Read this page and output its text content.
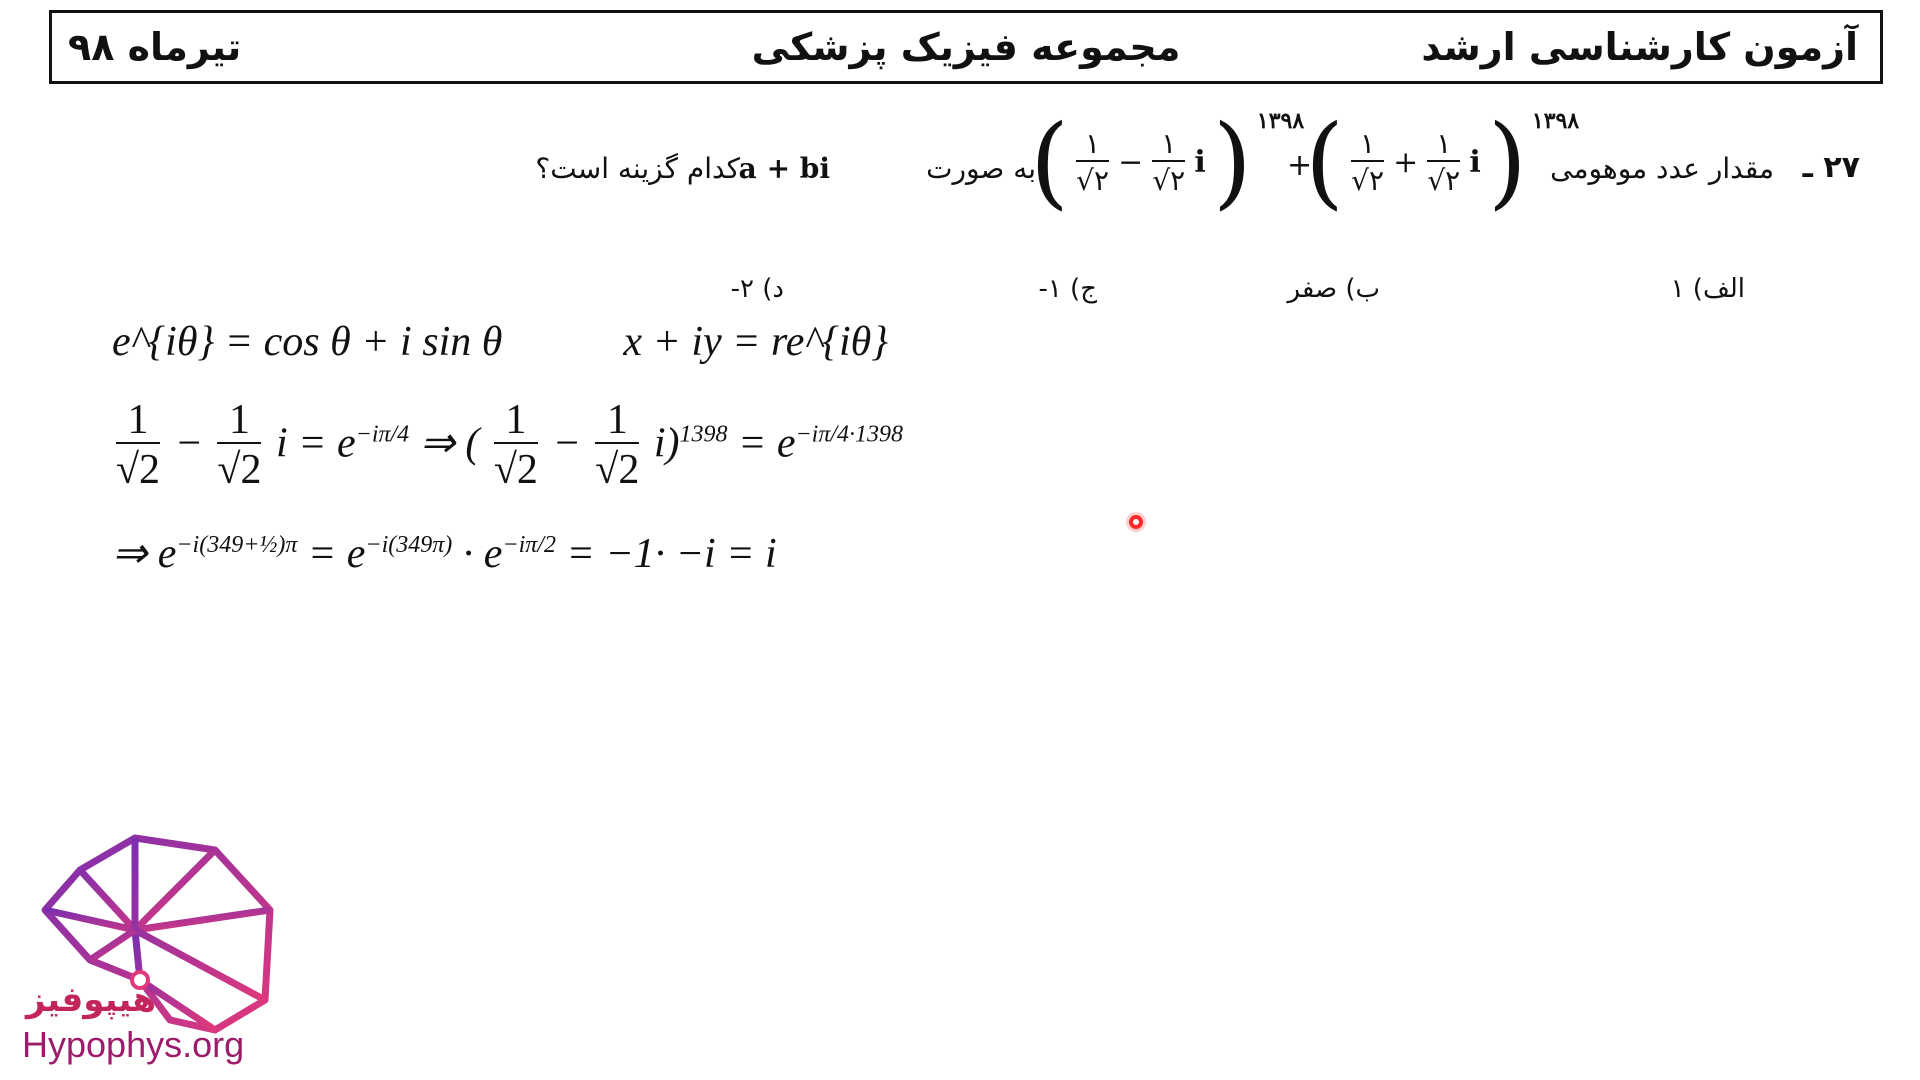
آزمون کارشناسی ارشد
مجموعه فیزیک پزشکی
تیرماه ۹۸
۲۷ ـ
مقدار عدد موهومی
( $\frac{۱}{√۲} + \frac{۱}{√۲}$ i ) ۱۳۹۸
+
( $\frac{۱}{√۲} - \frac{۱}{√۲}$ i ) ۱۳۹۸
به صورت
a + bi
کدام گزینه است؟
الف) ۱
ب) صفر
ج) ۱-
د) ۲-
e^{iθ} = cos θ + i sin θ	x + iy = re^{iθ}
$\frac{1}{√2} - \frac{1}{√2}$ $i = e^{-i\pi/4}$ ⇒ ( $\frac{1}{√2} - \frac{1}{√2} i)^{1398} = e^{-i\pi/4\cdot 1398}$
⇒ $e^{-i(349+\frac{1}{2})\pi} = e^{-i(349\pi)} \cdot e^{-i\pi/2} = -1\cdot -i = i$
هیپوفیز
Hypophys.org
